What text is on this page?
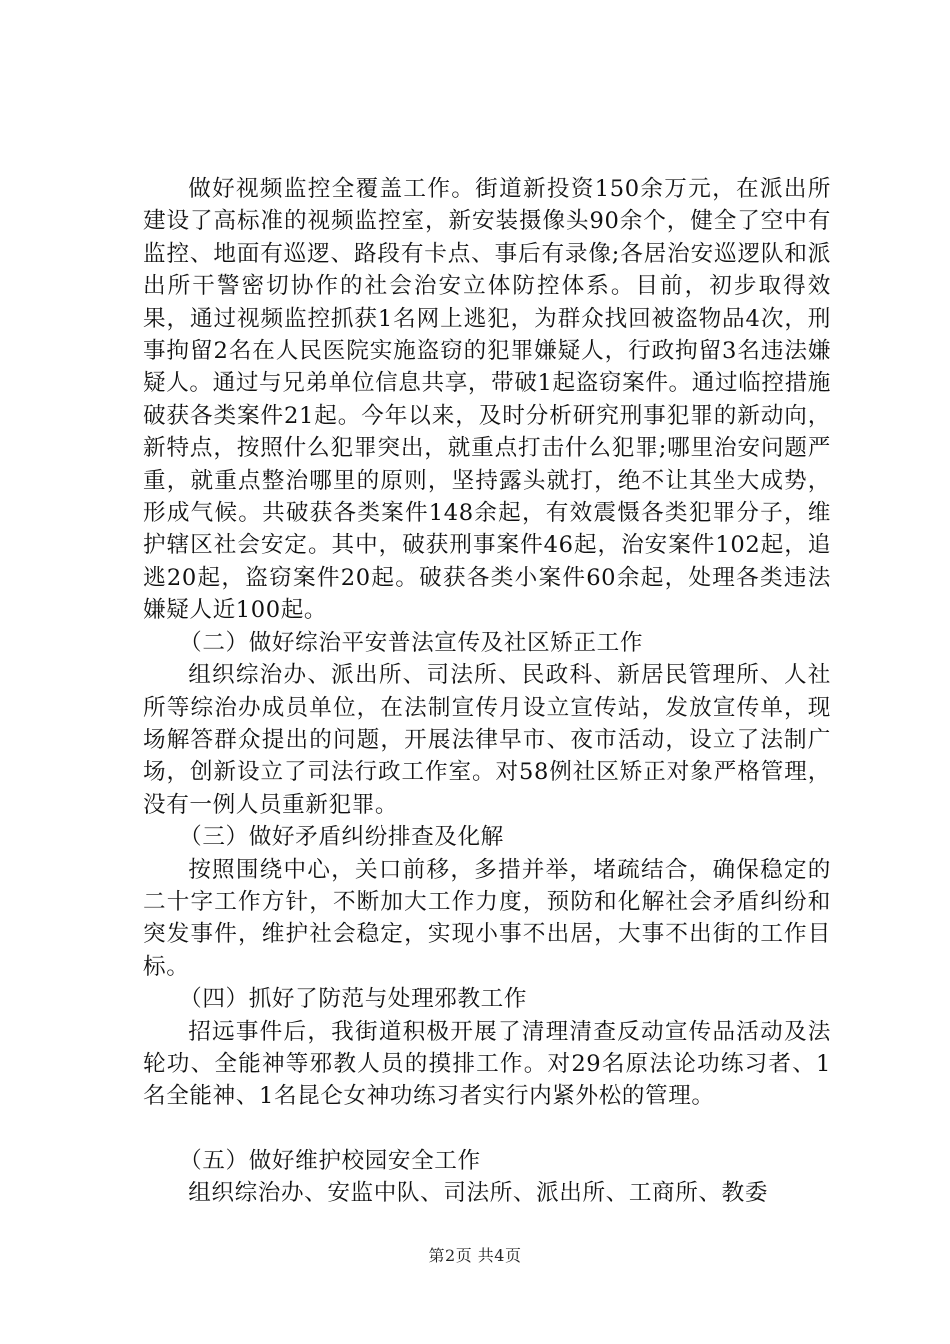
做好视频监控全覆盖工作。街道新投资150余万元，在派出所建设了高标准的视频监控室，新安装摄像头90余个，健全了空中有监控、地面有巡逻、路段有卡点、事后有录像;各居治安巡逻队和派出所干警密切协作的社会治安立体防控体系。目前，初步取得效果，通过视频监控抓获1名网上逃犯，为群众找回被盗物品4次，刑事拘留2名在人民医院实施盗窃的犯罪嫌疑人，行政拘留3名违法嫌疑人。通过与兄弟单位信息共享，带破1起盗窃案件。通过临控措施破获各类案件21起。今年以来，及时分析研究刑事犯罪的新动向，新特点，按照什么犯罪突出，就重点打击什么犯罪;哪里治安问题严重，就重点整治哪里的原则，坚持露头就打，绝不让其坐大成势，形成气候。共破获各类案件148余起，有效震慑各类犯罪分子，维护辖区社会安定。其中，破获刑事案件46起，治安案件102起，追逃20起，盗窃案件20起。破获各类小案件60余起，处理各类违法嫌疑人近100起。

（二）做好综治平安普法宣传及社区矫正工作

组织综治办、派出所、司法所、民政科、新居民管理所、人社所等综治办成员单位，在法制宣传月设立宣传站，发放宣传单，现场解答群众提出的问题，开展法律早市、夜市活动，设立了法制广场，创新设立了司法行政工作室。对58例社区矫正对象严格管理，没有一例人员重新犯罪。

（三）做好矛盾纠纷排查及化解

按照围绕中心，关口前移，多措并举，堵疏结合，确保稳定的二十字工作方针，不断加大工作力度，预防和化解社会矛盾纠纷和突发事件，维护社会稳定，实现小事不出居，大事不出街的工作目标。

（四）抓好了防范与处理邪教工作

招远事件后，我街道积极开展了清理清查反动宣传品活动及法轮功、全能神等邪教人员的摸排工作。对29名原法论功练习者、1名全能神、1名昆仑女神功练习者实行内紧外松的管理。

（五）做好维护校园安全工作

组织综治办、安监中队、司法所、派出所、工商所、教委

第2页 共4页
